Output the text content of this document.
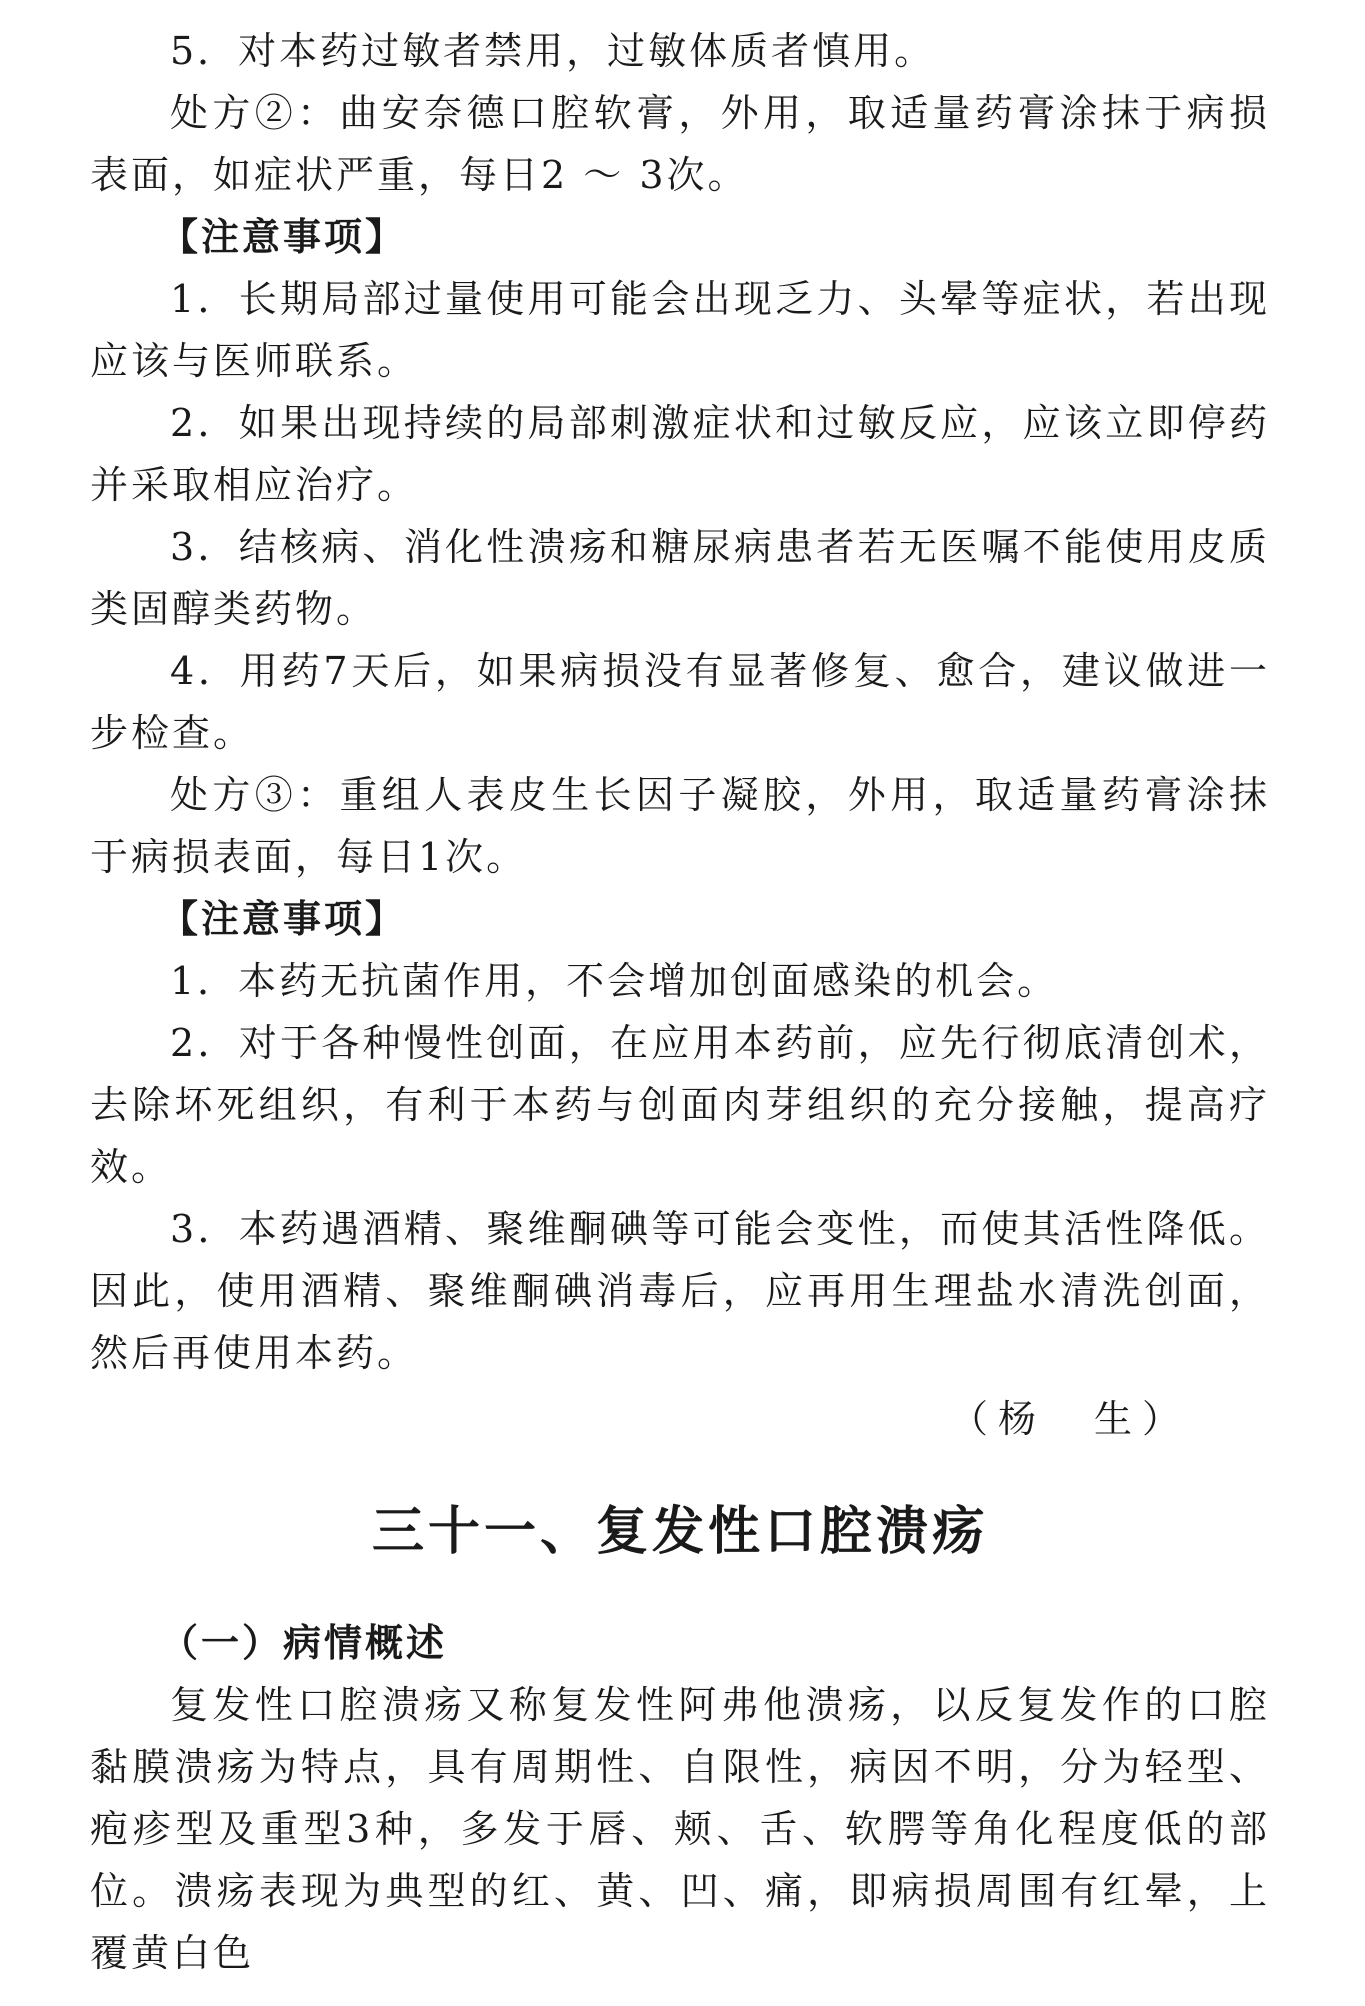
5．对本药过敏者禁用，过敏体质者慎用。

处方②：曲安奈德口腔软膏，外用，取适量药膏涂抹于病损表面，如症状严重，每日2 ～ 3次。

【注意事项】

1．长期局部过量使用可能会出现乏力、头晕等症状，若出现应该与医师联系。

2．如果出现持续的局部刺激症状和过敏反应，应该立即停药并采取相应治疗。

3．结核病、消化性溃疡和糖尿病患者若无医嘱不能使用皮质类固醇类药物。

4．用药7天后，如果病损没有显著修复、愈合，建议做进一步检查。

处方③：重组人表皮生长因子凝胶，外用，取适量药膏涂抹于病损表面，每日1次。

【注意事项】

1．本药无抗菌作用，不会增加创面感染的机会。

2．对于各种慢性创面，在应用本药前，应先行彻底清创术，去除坏死组织，有利于本药与创面肉芽组织的充分接触，提高疗效。

3．本药遇酒精、聚维酮碘等可能会变性，而使其活性降低。因此，使用酒精、聚维酮碘消毒后，应再用生理盐水清洗创面，然后再使用本药。

（杨　生）

三十一、复发性口腔溃疡

（一）病情概述

复发性口腔溃疡又称复发性阿弗他溃疡，以反复发作的口腔黏膜溃疡为特点，具有周期性、自限性，病因不明，分为轻型、疱疹型及重型3种，多发于唇、颊、舌、软腭等角化程度低的部位。溃疡表现为典型的红、黄、凹、痛，即病损周围有红晕，上覆黄白色
